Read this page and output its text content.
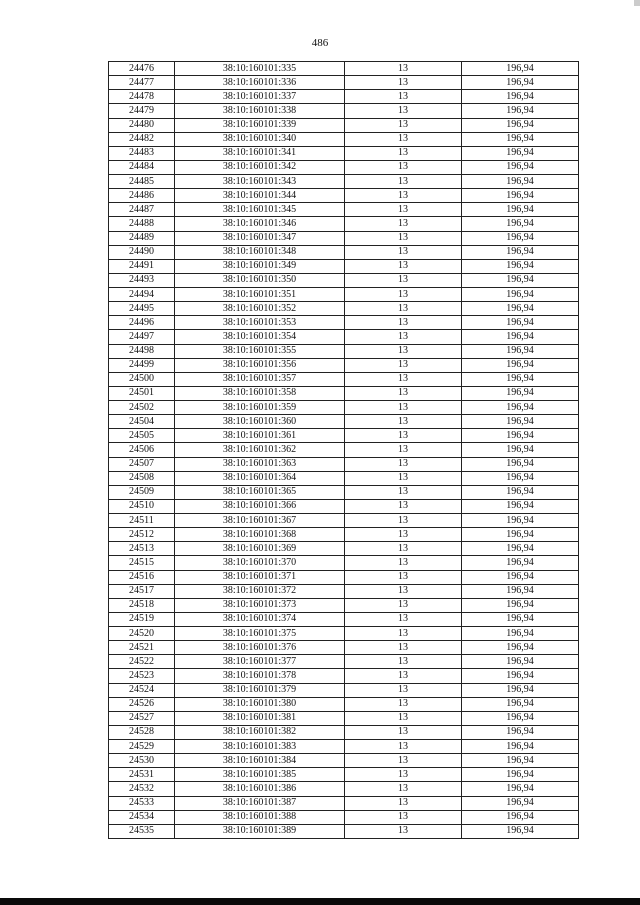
486
24476	38:10:160101:335	13	196,94
24477	38:10:160101:336	13	196,94
24478	38:10:160101:337	13	196,94
24479	38:10:160101:338	13	196,94
24480	38:10:160101:339	13	196,94
24482	38:10:160101:340	13	196,94
24483	38:10:160101:341	13	196,94
24484	38:10:160101:342	13	196,94
24485	38:10:160101:343	13	196,94
24486	38:10:160101:344	13	196,94
24487	38:10:160101:345	13	196,94
24488	38:10:160101:346	13	196,94
24489	38:10:160101:347	13	196,94
24490	38:10:160101:348	13	196,94
24491	38:10:160101:349	13	196,94
24493	38:10:160101:350	13	196,94
24494	38:10:160101:351	13	196,94
24495	38:10:160101:352	13	196,94
24496	38:10:160101:353	13	196,94
24497	38:10:160101:354	13	196,94
24498	38:10:160101:355	13	196,94
24499	38:10:160101:356	13	196,94
24500	38:10:160101:357	13	196,94
24501	38:10:160101:358	13	196,94
24502	38:10:160101:359	13	196,94
24504	38:10:160101:360	13	196,94
24505	38:10:160101:361	13	196,94
24506	38:10:160101:362	13	196,94
24507	38:10:160101:363	13	196,94
24508	38:10:160101:364	13	196,94
24509	38:10:160101:365	13	196,94
24510	38:10:160101:366	13	196,94
24511	38:10:160101:367	13	196,94
24512	38:10:160101:368	13	196,94
24513	38:10:160101:369	13	196,94
24515	38:10:160101:370	13	196,94
24516	38:10:160101:371	13	196,94
24517	38:10:160101:372	13	196,94
24518	38:10:160101:373	13	196,94
24519	38:10:160101:374	13	196,94
24520	38:10:160101:375	13	196,94
24521	38:10:160101:376	13	196,94
24522	38:10:160101:377	13	196,94
24523	38:10:160101:378	13	196,94
24524	38:10:160101:379	13	196,94
24526	38:10:160101:380	13	196,94
24527	38:10:160101:381	13	196,94
24528	38:10:160101:382	13	196,94
24529	38:10:160101:383	13	196,94
24530	38:10:160101:384	13	196,94
24531	38:10:160101:385	13	196,94
24532	38:10:160101:386	13	196,94
24533	38:10:160101:387	13	196,94
24534	38:10:160101:388	13	196,94
24535	38:10:160101:389	13	196,94
